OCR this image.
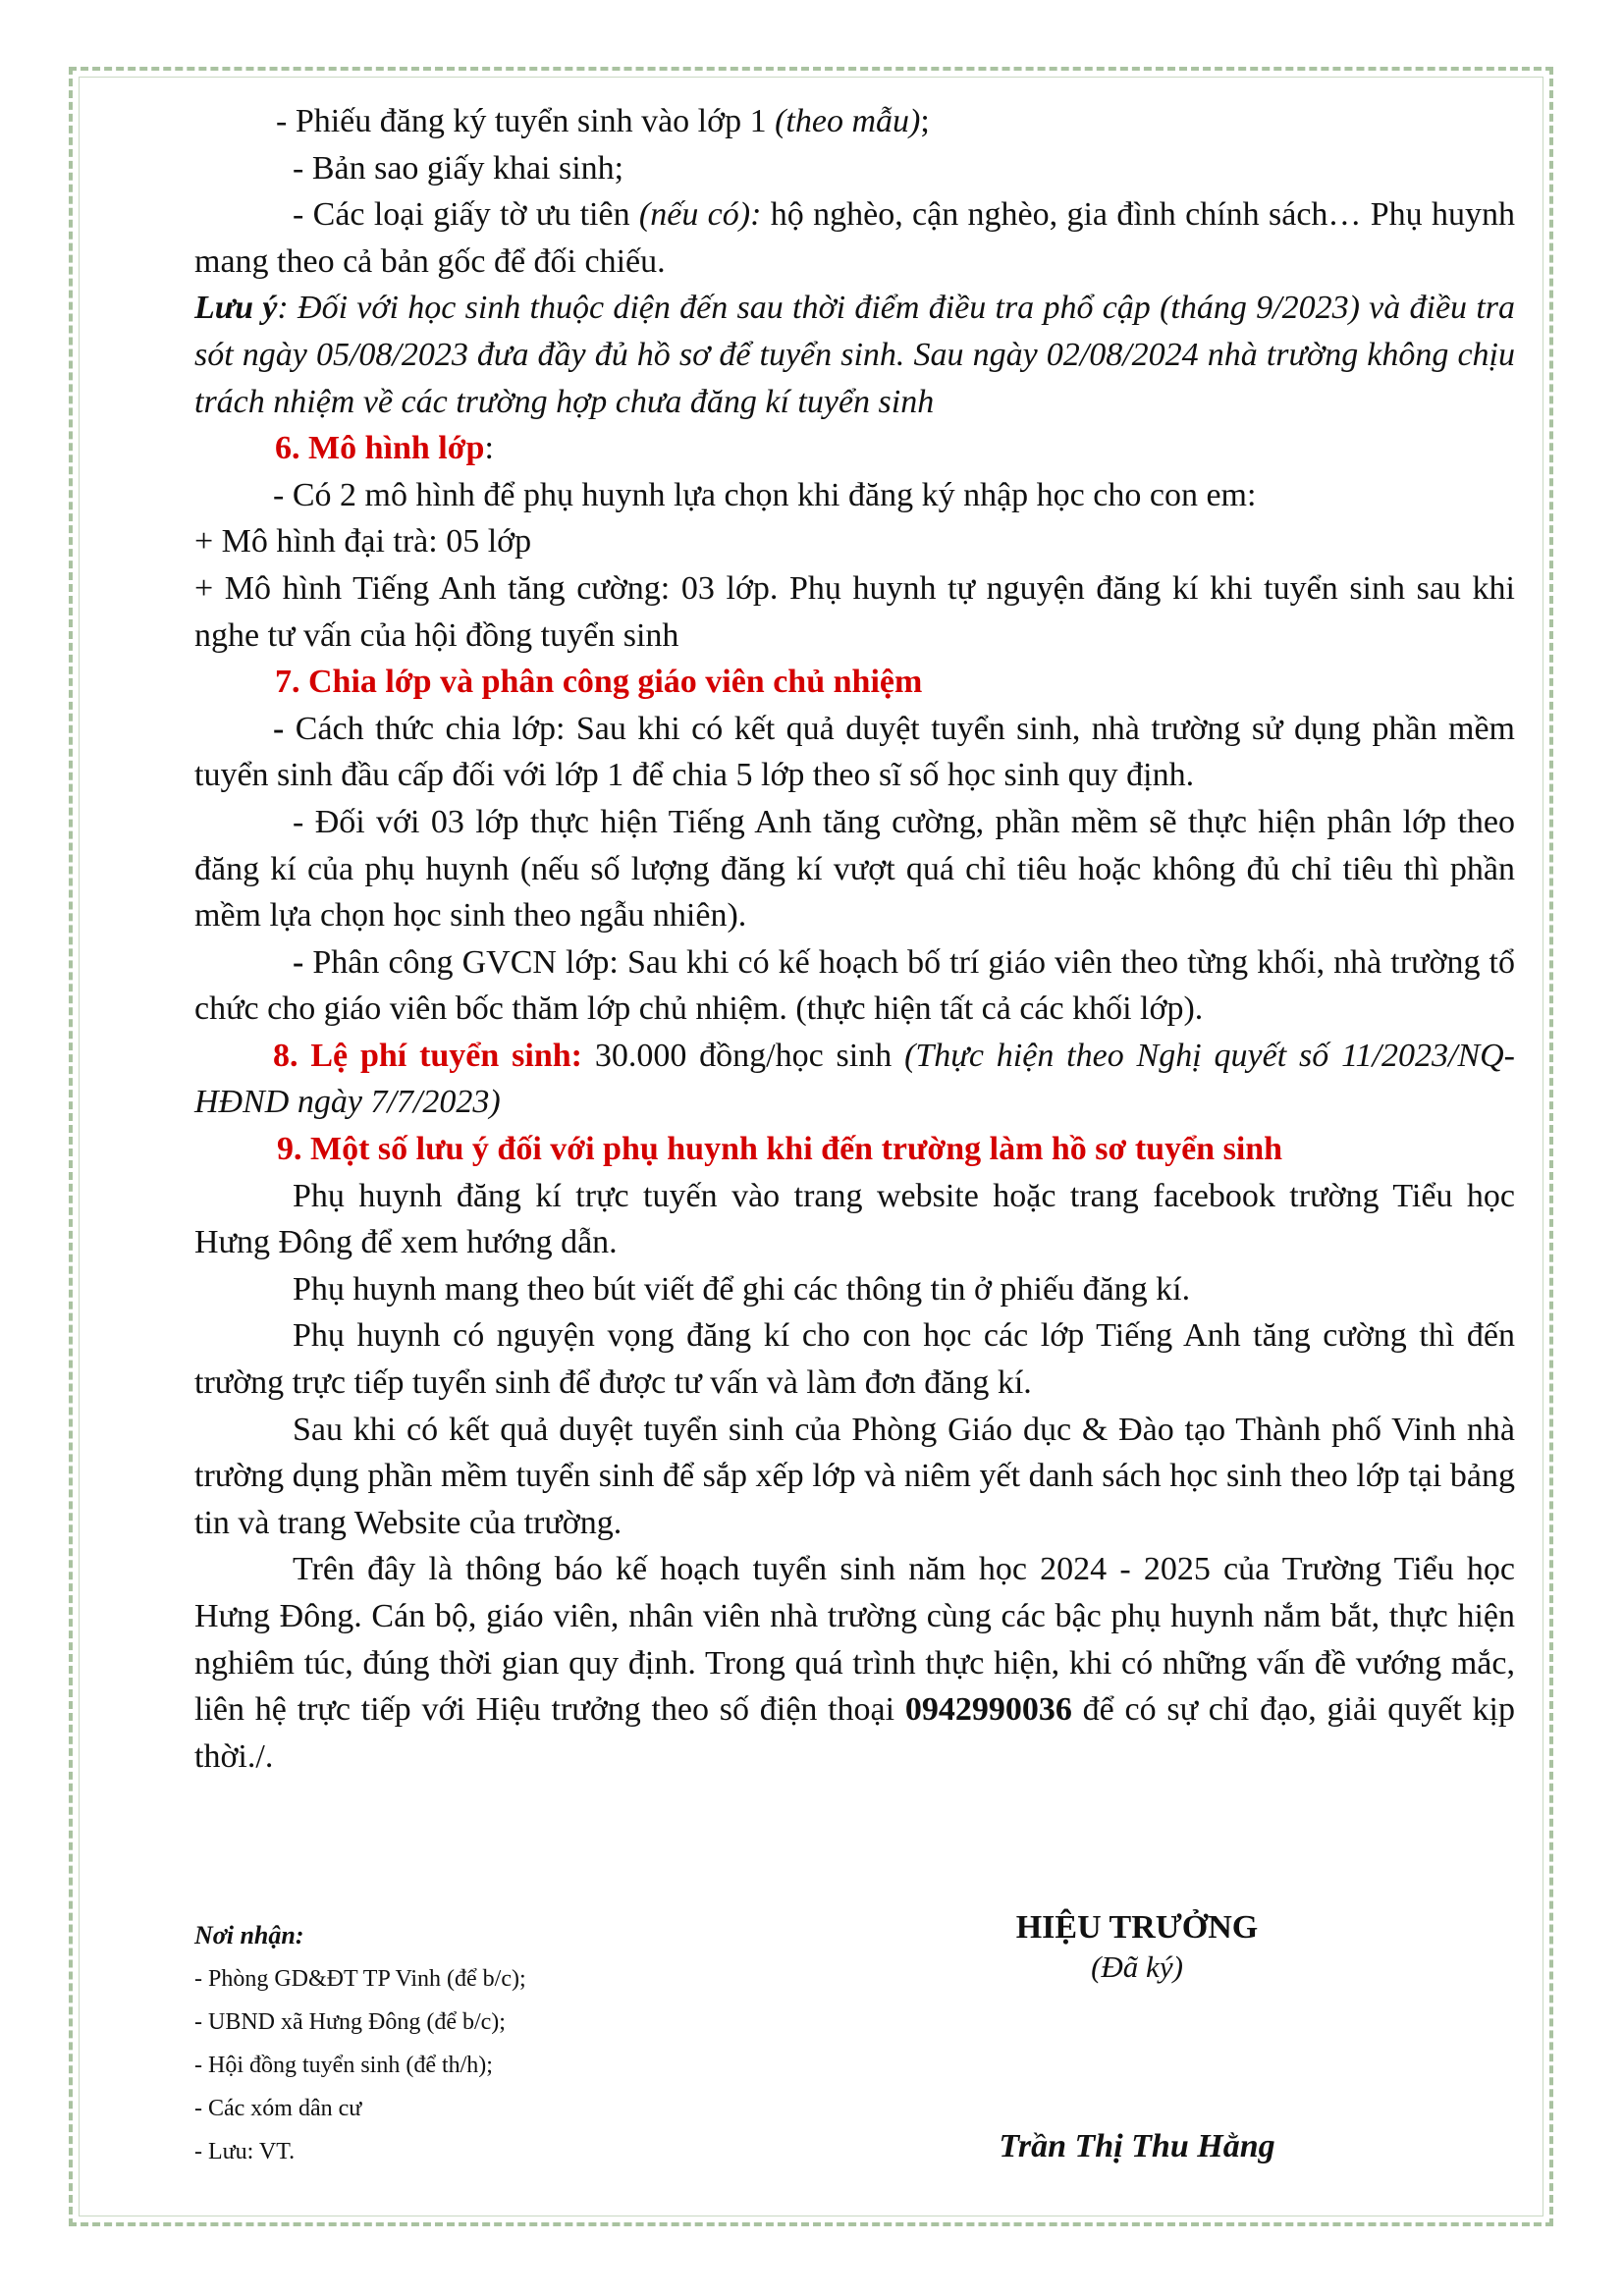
- Phiếu đăng ký tuyển sinh vào lớp 1 (theo mẫu);

- Bản sao giấy khai sinh;

- Các loại giấy tờ ưu tiên (nếu có): hộ nghèo, cận nghèo, gia đình chính sách… Phụ huynh mang theo cả bản gốc để đối chiếu.

Lưu ý: Đối với học sinh thuộc diện đến sau thời điểm điều tra phổ cập (tháng 9/2023) và điều tra sót ngày 05/08/2023 đưa đầy đủ hồ sơ để tuyển sinh. Sau ngày 02/08/2024 nhà trường không chịu trách nhiệm về các trường hợp chưa đăng kí tuyển sinh

6. Mô hình lớp:

- Có 2 mô hình để phụ huynh lựa chọn khi đăng ký nhập học cho con em:

+ Mô hình đại trà: 05 lớp

+ Mô hình Tiếng Anh tăng cường: 03 lớp. Phụ huynh tự nguyện đăng kí khi tuyển sinh sau khi nghe tư vấn của hội đồng tuyển sinh

7. Chia lớp và phân công giáo viên chủ nhiệm

- Cách thức chia lớp: Sau khi có kết quả duyệt tuyển sinh, nhà trường sử dụng phần mềm tuyển sinh đầu cấp đối với lớp 1 để chia 5 lớp theo sĩ số học sinh quy định.

- Đối với 03 lớp thực hiện Tiếng Anh tăng cường, phần mềm sẽ thực hiện phân lớp theo đăng kí của phụ huynh (nếu số lượng đăng kí vượt quá chỉ tiêu hoặc không đủ chỉ tiêu thì phần mềm lựa chọn học sinh theo ngẫu nhiên).

- Phân công GVCN lớp: Sau khi có kế hoạch bố trí giáo viên theo từng khối, nhà trường tổ chức cho giáo viên bốc thăm lớp chủ nhiệm. (thực hiện tất cả các khối lớp).

8. Lệ phí tuyển sinh: 30.000 đồng/học sinh (Thực hiện theo Nghị quyết số 11/2023/NQ-HĐND ngày 7/7/2023)

9. Một số lưu ý đối với phụ huynh khi đến trường làm hồ sơ tuyển sinh

Phụ huynh đăng kí trực tuyến vào trang website hoặc trang facebook trường Tiểu học Hưng Đông để xem hướng dẫn.

Phụ huynh mang theo bút viết để ghi các thông tin ở phiếu đăng kí.

Phụ huynh có nguyện vọng đăng kí cho con học các lớp Tiếng Anh tăng cường thì đến trường trực tiếp tuyển sinh để được tư vấn và làm đơn đăng kí.

Sau khi có kết quả duyệt tuyển sinh của Phòng Giáo dục & Đào tạo Thành phố Vinh nhà trường dụng phần mềm tuyển sinh để sắp xếp lớp và niêm yết danh sách học sinh theo lớp tại bảng tin và trang Website của trường.

Trên đây là thông báo kế hoạch tuyển sinh năm học 2024 - 2025 của Trường Tiểu học Hưng Đông. Cán bộ, giáo viên, nhân viên nhà trường cùng các bậc phụ huynh nắm bắt, thực hiện nghiêm túc, đúng thời gian quy định. Trong quá trình thực hiện, khi có những vấn đề vướng mắc, liên hệ trực tiếp với Hiệu trưởng theo số điện thoại 0942990036 để có sự chỉ đạo, giải quyết kịp thời./.

Nơi nhận:
- Phòng GD&ĐT TP Vinh (để b/c);
- UBND xã Hưng Đông (để b/c);
- Hội đồng tuyển sinh (để th/h);
- Các xóm dân cư
- Lưu: VT.
HIỆU TRƯỞNG
(Đã ký)
Trần Thị Thu Hằng
